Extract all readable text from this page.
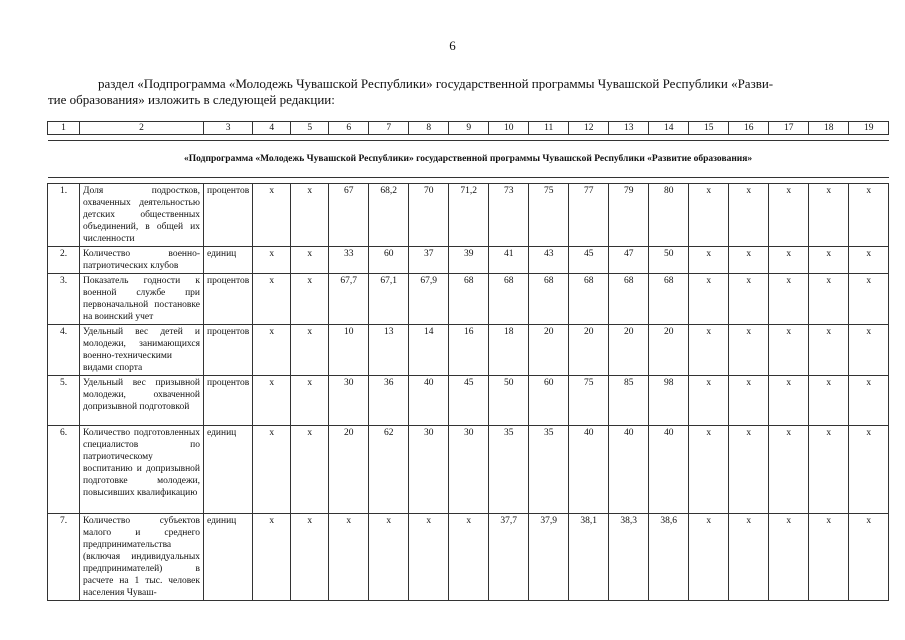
6

раздел «Подпрограмма «Молодежь Чувашской Республики» государственной программы Чувашской Республики «Разви-

тие образования» изложить в следующей редакции:
1	2	3	4	5	6	7	8	9	10	11	12	13	14	15	16	17	18	19

«Подпрограмма «Молодежь Чувашской Республики» государственной программы Чувашской Республики «Развитие образования»																		

1.	Доля подростков, охваченных деятельностью детских общественных объединений, в общей их численности	процентов	х	х	67	68,2	70	71,2	73	75	77	79	80	х	х	х	х	х
2.	Количество военно-патриотических клубов	единиц	х	х	33	60	37	39	41	43	45	47	50	х	х	х	х	х
3.	Показатель годности к военной службе при первоначальной постановке на воинский учет	процентов	х	х	67,7	67,1	67,9	68	68	68	68	68	68	х	х	х	х	х
4.	Удельный вес детей и молодежи, занимающихся военно-техническими видами спорта	процентов	х	х	10	13	14	16	18	20	20	20	20	х	х	х	х	х
5.	Удельный вес призывной молодежи, охваченной допризывной подготовкой	процентов	х	х	30	36	40	45	50	60	75	85	98	х	х	х	х	х
6.	Количество подготовленных специалистов по патриотическому воспитанию и допризывной подготовке молодежи, повысивших квалификацию	единиц	х	х	20	62	30	30	35	35	40	40	40	х	х	х	х	х
7.	Количество субъектов малого и среднего предпринимательства (включая индивидуальных предпринимателей) в расчете на 1 тыс. человек населения Чуваш-	единиц	х	х	х	х	х	х	37,7	37,9	38,1	38,3	38,6	х	х	х	х	х
